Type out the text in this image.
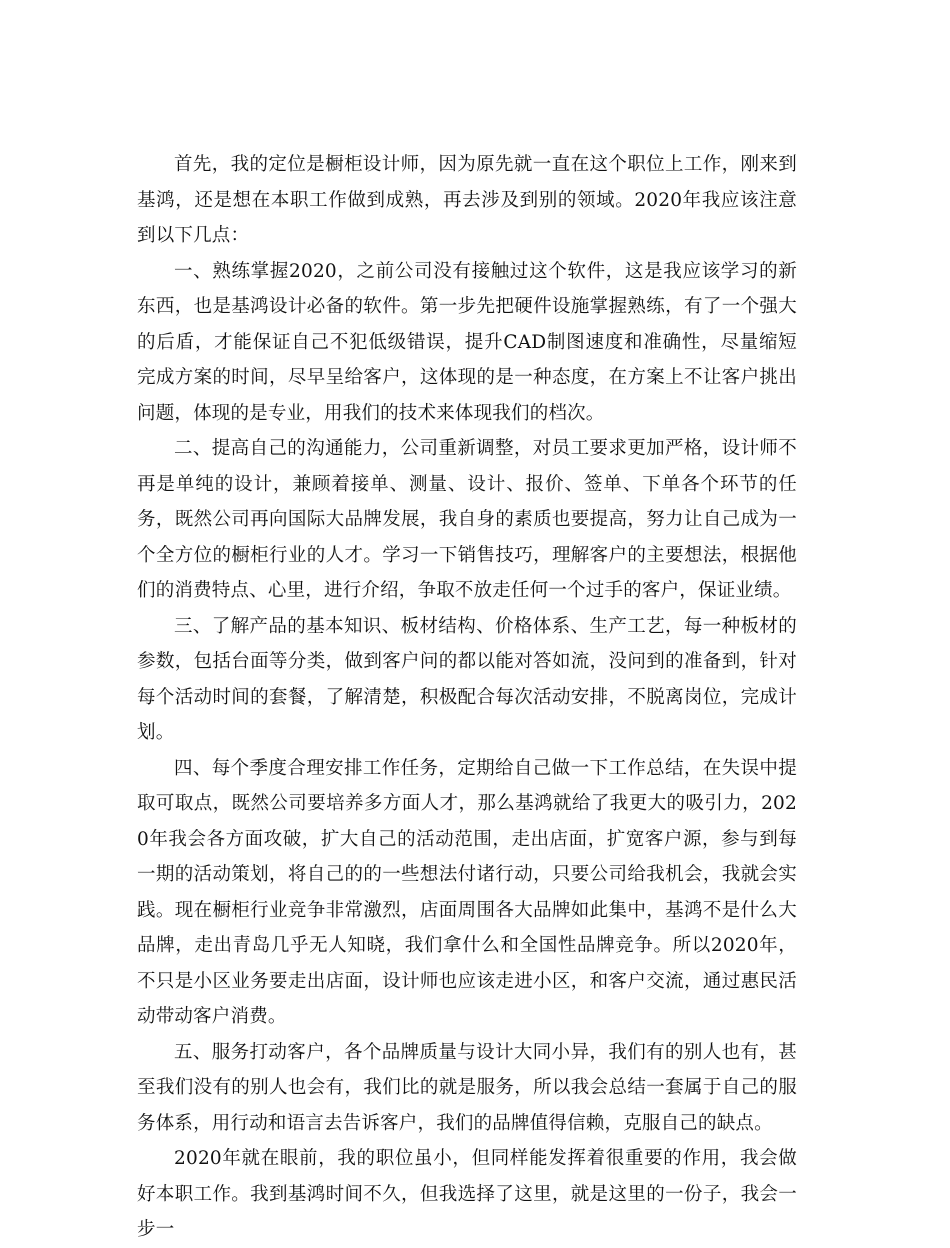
首先，我的定位是橱柜设计师，因为原先就一直在这个职位上工作，刚来到基鸿，还是想在本职工作做到成熟，再去涉及到别的领域。2020年我应该注意到以下几点：

一、熟练掌握2020，之前公司没有接触过这个软件，这是我应该学习的新东西，也是基鸿设计必备的软件。第一步先把硬件设施掌握熟练，有了一个强大的后盾，才能保证自己不犯低级错误，提升CAD制图速度和准确性，尽量缩短完成方案的时间，尽早呈给客户，这体现的是一种态度，在方案上不让客户挑出问题，体现的是专业，用我们的技术来体现我们的档次。

二、提高自己的沟通能力，公司重新调整，对员工要求更加严格，设计师不再是单纯的设计，兼顾着接单、测量、设计、报价、签单、下单各个环节的任务，既然公司再向国际大品牌发展，我自身的素质也要提高，努力让自己成为一个全方位的橱柜行业的人才。学习一下销售技巧，理解客户的主要想法，根据他们的消费特点、心里，进行介绍，争取不放走任何一个过手的客户，保证业绩。

三、了解产品的基本知识、板材结构、价格体系、生产工艺，每一种板材的参数，包括台面等分类，做到客户问的都以能对答如流，没问到的准备到，针对每个活动时间的套餐，了解清楚，积极配合每次活动安排，不脱离岗位，完成计划。

四、每个季度合理安排工作任务，定期给自己做一下工作总结，在失误中提取可取点，既然公司要培养多方面人才，那么基鸿就给了我更大的吸引力，2020年我会各方面攻破，扩大自己的活动范围，走出店面，扩宽客户源，参与到每一期的活动策划，将自己的的一些想法付诸行动，只要公司给我机会，我就会实践。现在橱柜行业竞争非常激烈，店面周围各大品牌如此集中，基鸿不是什么大品牌，走出青岛几乎无人知晓，我们拿什么和全国性品牌竞争。所以2020年，不只是小区业务要走出店面，设计师也应该走进小区，和客户交流，通过惠民活动带动客户消费。

五、服务打动客户，各个品牌质量与设计大同小异，我们有的别人也有，甚至我们没有的别人也会有，我们比的就是服务，所以我会总结一套属于自己的服务体系，用行动和语言去告诉客户，我们的品牌值得信赖，克服自己的缺点。

2020年就在眼前，我的职位虽小，但同样能发挥着很重要的作用，我会做好本职工作。我到基鸿时间不久，但我选择了这里，就是这里的一份子，我会一步一
